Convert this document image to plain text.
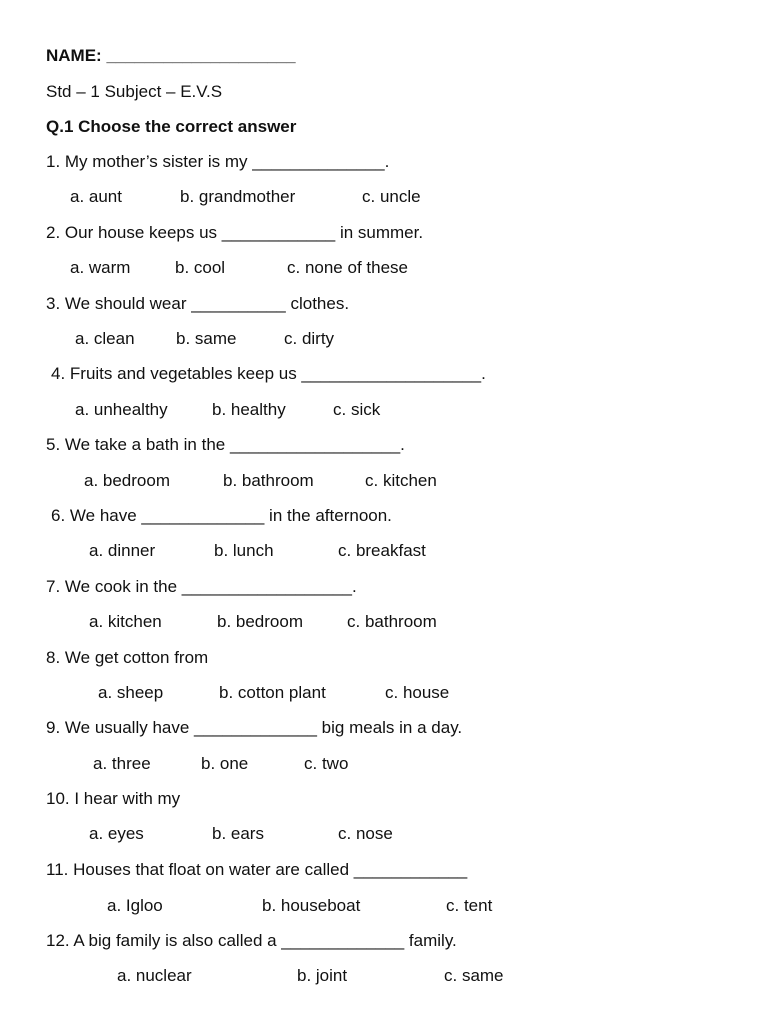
NAME: ____________________
Std – 1 Subject – E.V.S
Q.1 Choose the correct answer
1. My mother’s sister is my ______________.
a. aunt	b. grandmother	c. uncle
2. Our house keeps us ____________ in summer.
a. warm	b. cool	c. none of these
3. We should wear __________ clothes.
a. clean b. same	c. dirty
4. Fruits and vegetables keep us ___________________.
a. unhealthy	b. healthy	c. sick
5. We take a bath in the __________________.
a. bedroom	b. bathroom	c. kitchen
6. We have _____________ in the afternoon.
a. dinner	b. lunch	c. breakfast
7. We cook in the __________________.
a. kitchen	b. bedroom	c. bathroom
8. We get cotton from
a. sheep	b. cotton plant	c. house
9. We usually have _____________ big meals in a day.
a. three	b. one	c. two
10. I hear with my
a. eyes	b. ears	c. nose
11. Houses that float on water are called ____________
a. Igloo	b. houseboat	c. tent
12. A big family is also called a _____________ family.
a. nuclear	b. joint	c. same
